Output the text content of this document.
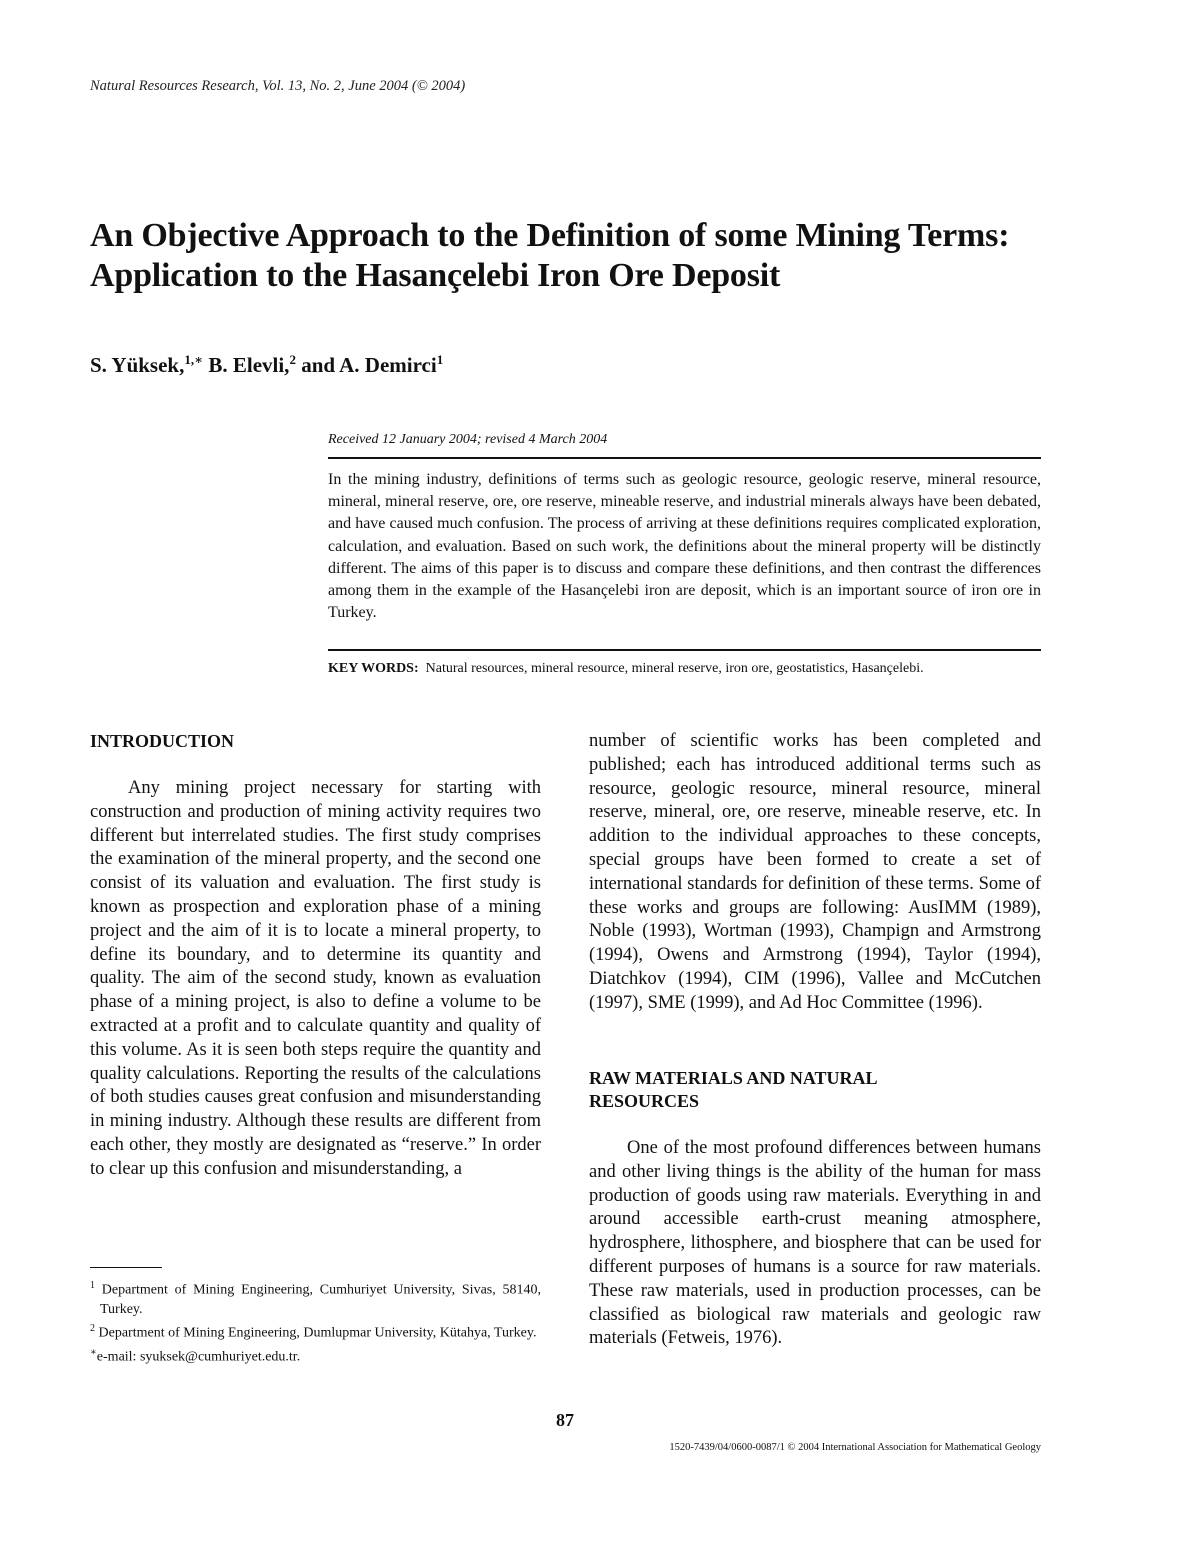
Natural Resources Research, Vol. 13, No. 2, June 2004 (© 2004)
An Objective Approach to the Definition of some Mining Terms: Application to the Hasançelebi Iron Ore Deposit
S. Yüksek,$^{1,∗}$ B. Elevli,$^2$ and A. Demirci$^1$
Received 12 January 2004; revised 4 March 2004
In the mining industry, definitions of terms such as geologic resource, geologic reserve, mineral resource, mineral, mineral reserve, ore, ore reserve, mineable reserve, and industrial minerals always have been debated, and have caused much confusion. The process of arriving at these definitions requires complicated exploration, calculation, and evaluation. Based on such work, the definitions about the mineral property will be distinctly different. The aims of this paper is to discuss and compare these definitions, and then contrast the differences among them in the example of the Hasançelebi iron are deposit, which is an important source of iron ore in Turkey.
KEY WORDS: Natural resources, mineral resource, mineral reserve, iron ore, geostatistics, Hasançelebi.
INTRODUCTION

Any mining project necessary for starting with construction and production of mining activity requires two different but interrelated studies. The first study comprises the examination of the mineral property, and the second one consist of its valuation and evaluation. The first study is known as prospection and exploration phase of a mining project and the aim of it is to locate a mineral property, to define its boundary, and to determine its quantity and quality. The aim of the second study, known as evaluation phase of a mining project, is also to define a volume to be extracted at a profit and to calculate quantity and quality of this volume. As it is seen both steps require the quantity and quality calculations. Reporting the results of the calculations of both studies causes great confusion and misunderstanding in mining industry. Although these results are different from each other, they mostly are designated as “reserve.” In order to clear up this confusion and misunderstanding, a

$^1$ Department of Mining Engineering, Cumhuriyet University, Sivas, 58140, Turkey.
$^2$ Department of Mining Engineering, Dumlupmar University, Kütahya, Turkey.
∗e-mail: syuksek@cumhuriyet.edu.tr.

number of scientific works has been completed and published; each has introduced additional terms such as resource, geologic resource, mineral resource, mineral reserve, mineral, ore, ore reserve, mineable reserve, etc. In addition to the individual approaches to these concepts, special groups have been formed to create a set of international standards for definition of these terms. Some of these works and groups are following: AusIMM (1989), Noble (1993), Wortman (1993), Champign and Armstrong (1994), Owens and Armstrong (1994), Taylor (1994), Diatchkov (1994), CIM (1996), Vallee and McCutchen (1997), SME (1999), and Ad Hoc Committee (1996).

RAW MATERIALS AND NATURAL
RESOURCES

One of the most profound differences between humans and other living things is the ability of the human for mass production of goods using raw materials. Everything in and around accessible earth-crust meaning atmosphere, hydrosphere, lithosphere, and biosphere that can be used for different purposes of humans is a source for raw materials. These raw materials, used in production processes, can be classified as biological raw materials and geologic raw materials (Fetweis, 1976).

87
1520-7439/04/0600-0087/1 © 2004 International Association for Mathematical Geology
